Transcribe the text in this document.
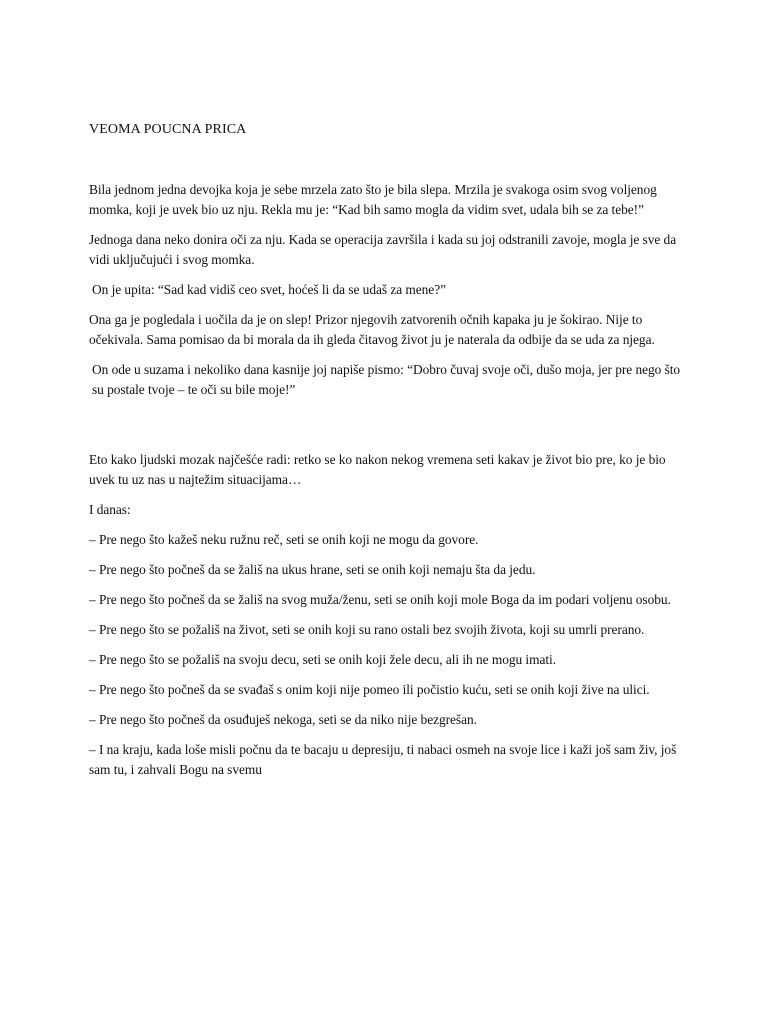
VEOMA POUCNA PRICA
Bila jednom jedna devojka koja je sebe mrzela zato što je bila slepa. Mrzila je svakoga osim svog voljenog momka, koji je uvek bio uz nju. Rekla mu je: “Kad bih samo mogla da vidim svet, udala bih se za tebe!”
Jednoga dana neko donira oči za nju. Kada se operacija završila i kada su joj odstranili zavoje, mogla je sve da vidi uključujući i svog momka.
On je upita: “Sad kad vidiš ceo svet, hoćeš li da se udaš za mene?”
Ona ga je pogledala i uočila da je on slep! Prizor njegovih zatvorenih očnih kapaka ju je šokirao. Nije to očekivala. Sama pomisao da bi morala da ih gleda čitavog život ju je naterala da odbije da se uda za njega.
On ode u suzama i nekoliko dana kasnije joj napiše pismo: “Dobro čuvaj svoje oči, dušo moja, jer pre nego što su postale tvoje – te oči su bile moje!”
Eto kako ljudski mozak najčešće radi: retko se ko nakon nekog vremena seti kakav je život bio pre, ko je bio uvek tu uz nas u najtežim situacijama…
I danas:
– Pre nego što kažeš neku ružnu reč, seti se onih koji ne mogu da govore.
– Pre nego što počneš da se žališ na ukus hrane, seti se onih koji nemaju šta da jedu.
– Pre nego što počneš da se žališ na svog muža/ženu, seti se onih koji mole Boga da im podari voljenu osobu.
– Pre nego što se požališ na život, seti se onih koji su rano ostali bez svojih života, koji su umrli prerano.
– Pre nego što se požališ na svoju decu, seti se onih koji žele decu, ali ih ne mogu imati.
– Pre nego što počneš da se svađaš s onim koji nije pomeo ili počistio kuću, seti se onih koji žive na ulici.
– Pre nego što počneš da osuđuješ nekoga, seti se da niko nije bezgrešan.
– I na kraju, kada loše misli počnu da te bacaju u depresiju, ti nabaci osmeh na svoje lice i kaži još sam živ, još sam tu, i zahvali Bogu na svemu
